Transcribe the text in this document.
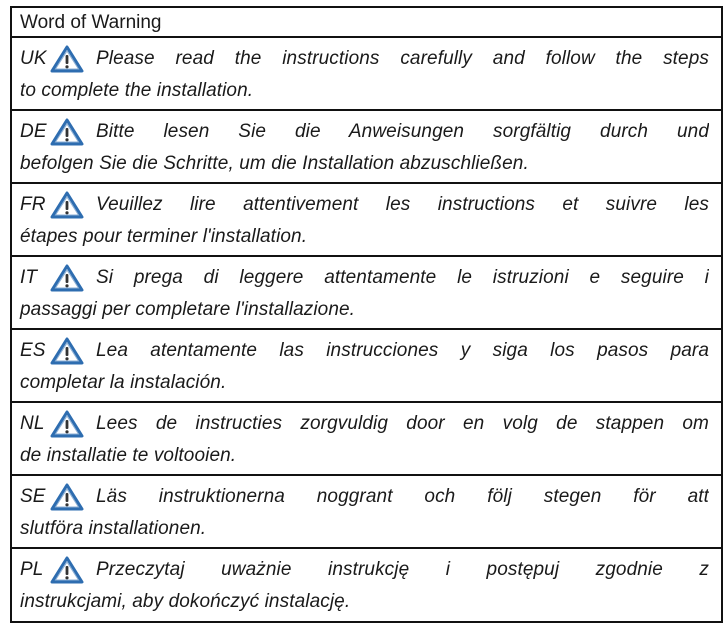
Word of Warning
UK	Please read the instructions carefully and follow the steps
to complete the installation.
DE	Bitte lesen Sie die Anweisungen sorgfältig durch und
befolgen Sie die Schritte, um die Installation abzuschließen.
FR	Veuillez lire attentivement les instructions et suivre les
étapes pour terminer l'installation.
IT	Si prega di leggere attentamente le istruzioni e seguire i
passaggi per completare l'installazione.
ES	Lea atentamente las instrucciones y siga los pasos para
completar la instalación.
NL	Lees de instructies zorgvuldig door en volg de stappen om
de installatie te voltooien.
SE	Läs instruktionerna noggrant och följ stegen för att
slutföra installationen.
PL	Przeczytaj uważnie instrukcję i postępuj zgodnie z
instrukcjami, aby dokończyć instalację.
